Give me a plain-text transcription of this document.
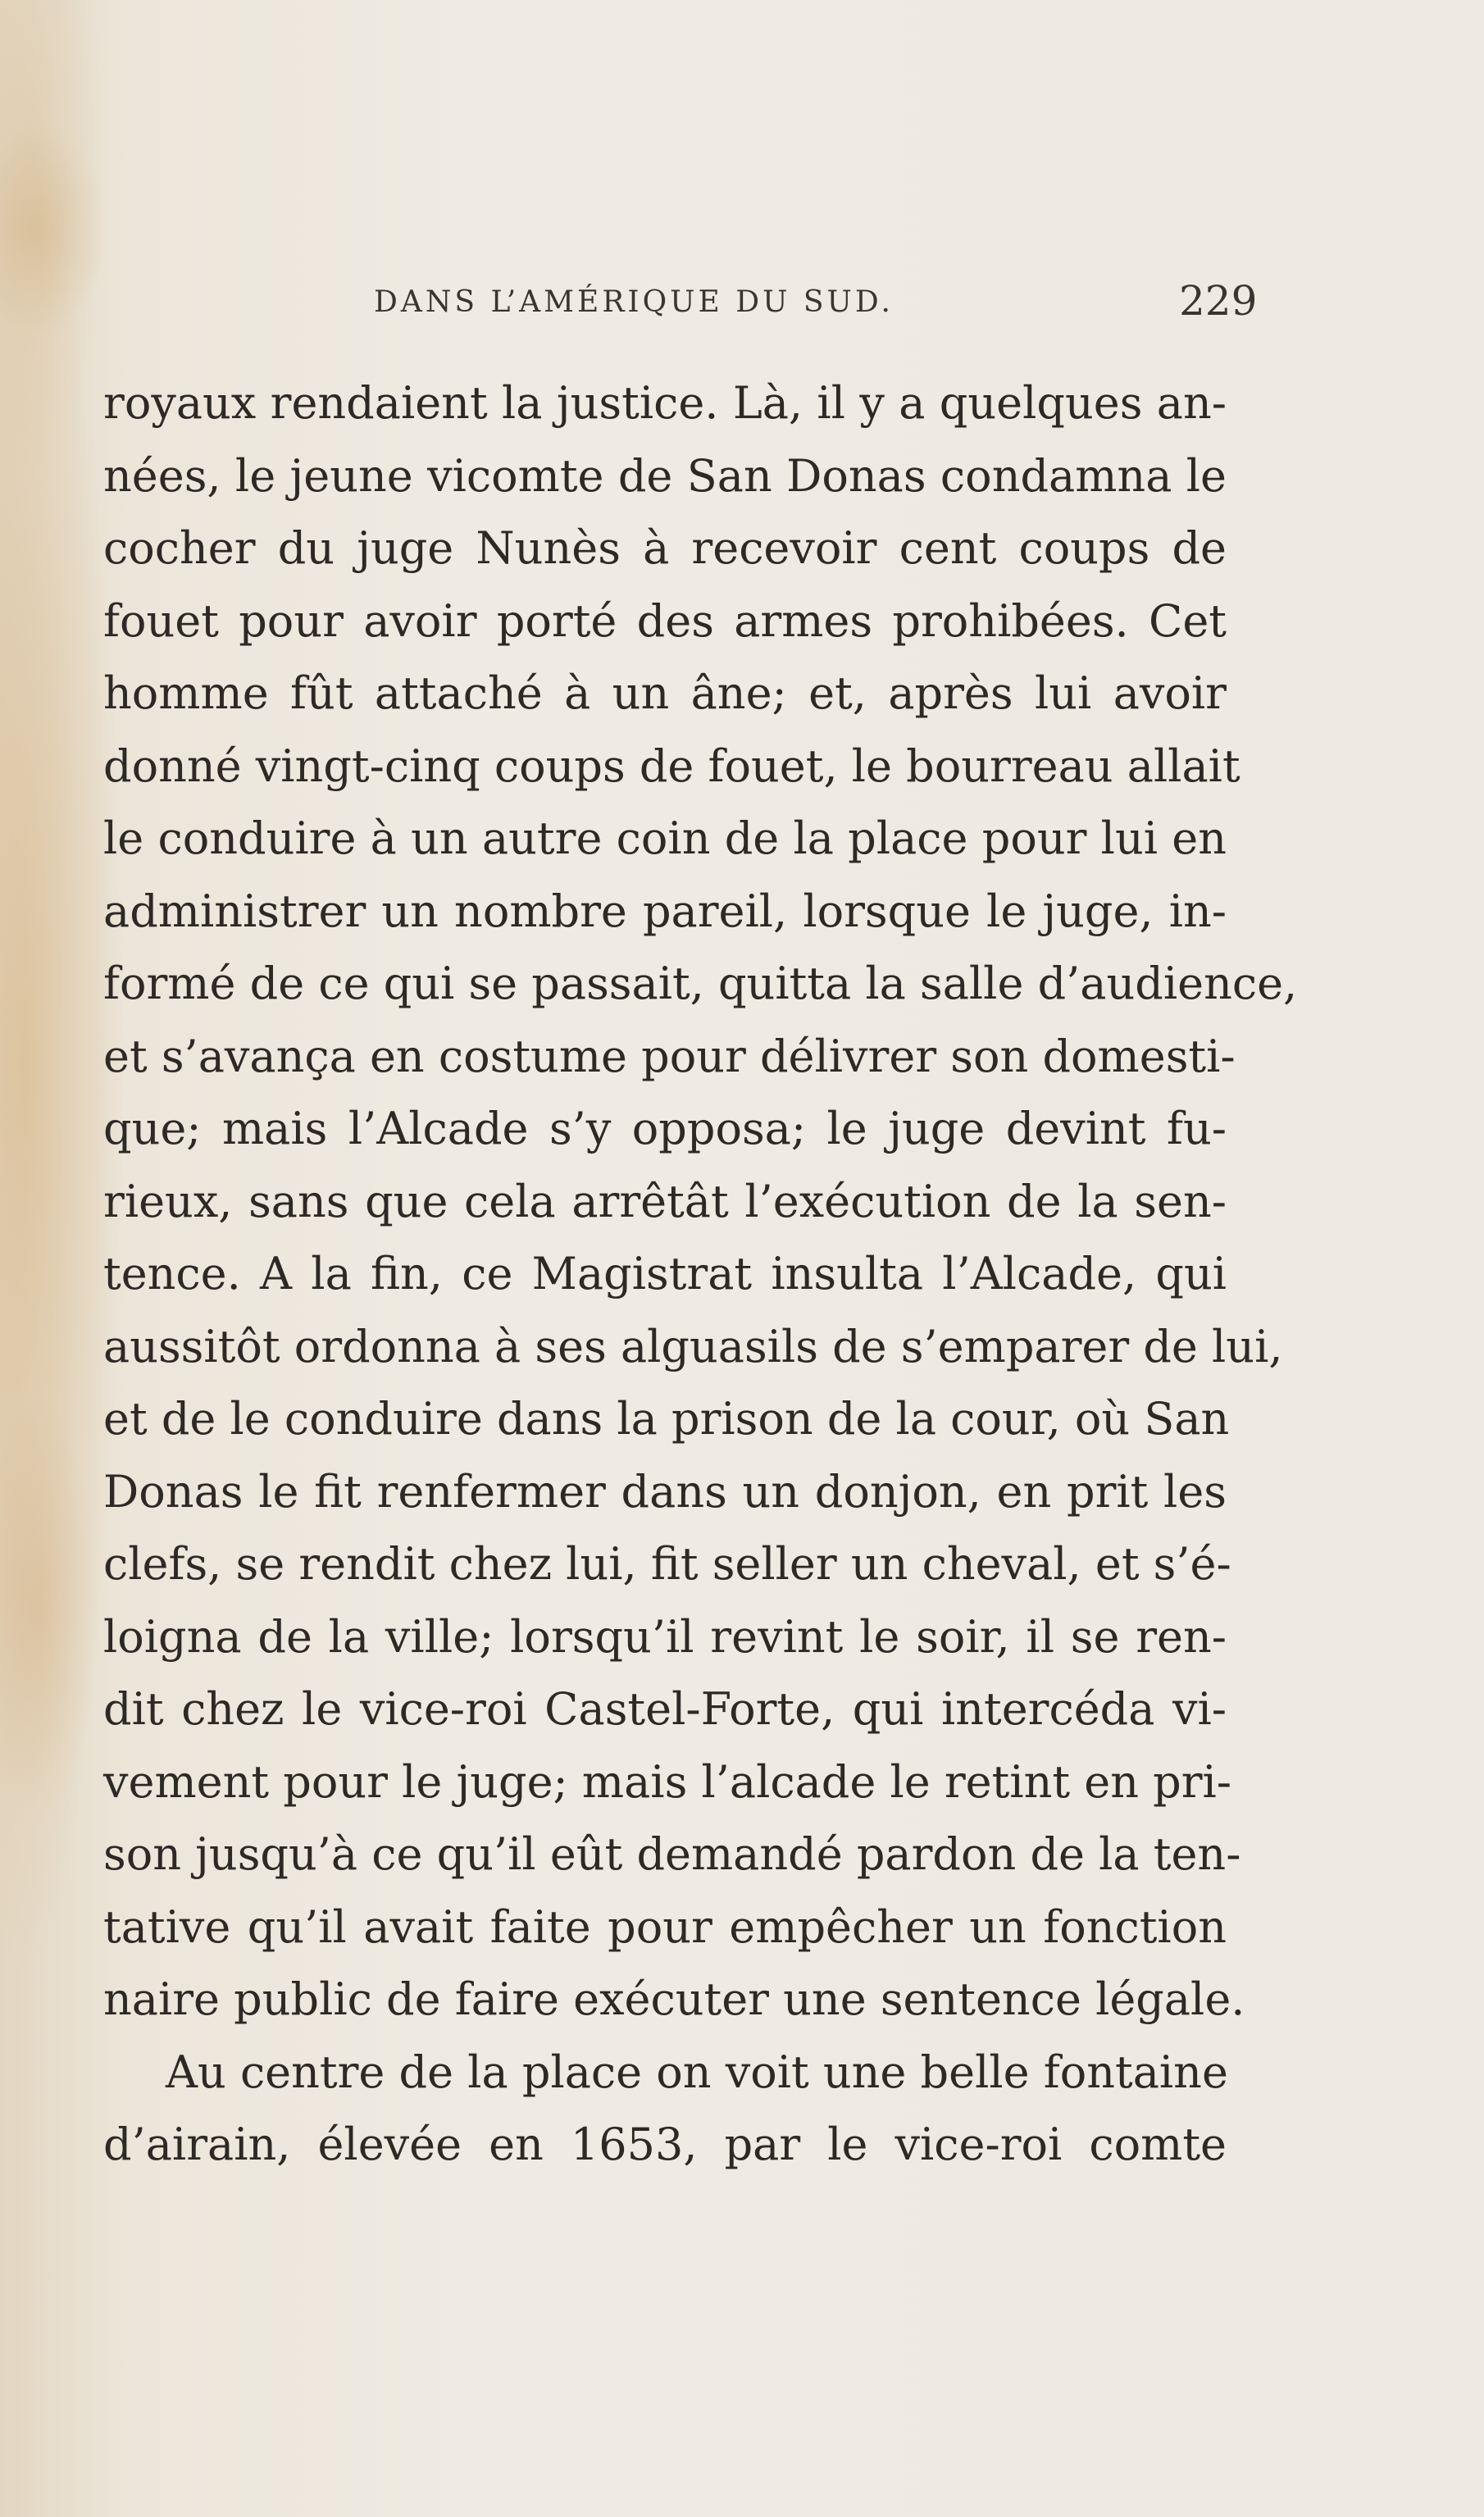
DANS L’AMÉRIQUE DU SUD.	229
royaux rendaient la justice. Là, il y a quelques an-
nées, le jeune vicomte de San Donas condamna le
cocher du juge Nunès à recevoir cent coups de
fouet pour avoir porté des armes prohibées. Cet
homme fût attaché à un âne; et, après lui avoir
donné vingt-cinq coups de fouet, le bourreau allait
le conduire à un autre coin de la place pour lui en
administrer un nombre pareil, lorsque le juge, in-
formé de ce qui se passait, quitta la salle d’audience,
et s’avança en costume pour délivrer son domesti-
que; mais l’Alcade s’y opposa; le juge devint fu-
rieux, sans que cela arrêtât l’exécution de la sen-
tence. A la fin, ce Magistrat insulta l’Alcade, qui
aussitôt ordonna à ses alguasils de s’emparer de lui,
et de le conduire dans la prison de la cour, où San
Donas le fit renfermer dans un donjon, en prit les
clefs, se rendit chez lui, fit seller un cheval, et s’é-
loigna de la ville; lorsqu’il revint le soir, il se ren-
dit chez le vice-roi Castel-Forte, qui intercéda vi-
vement pour le juge; mais l’alcade le retint en pri-
son jusqu’à ce qu’il eût demandé pardon de la ten-
tative qu’il avait faite pour empêcher un fonction
naire public de faire exécuter une sentence légale.
Au centre de la place on voit une belle fontaine
d’airain, élevée en 1653, par le vice-roi comte
